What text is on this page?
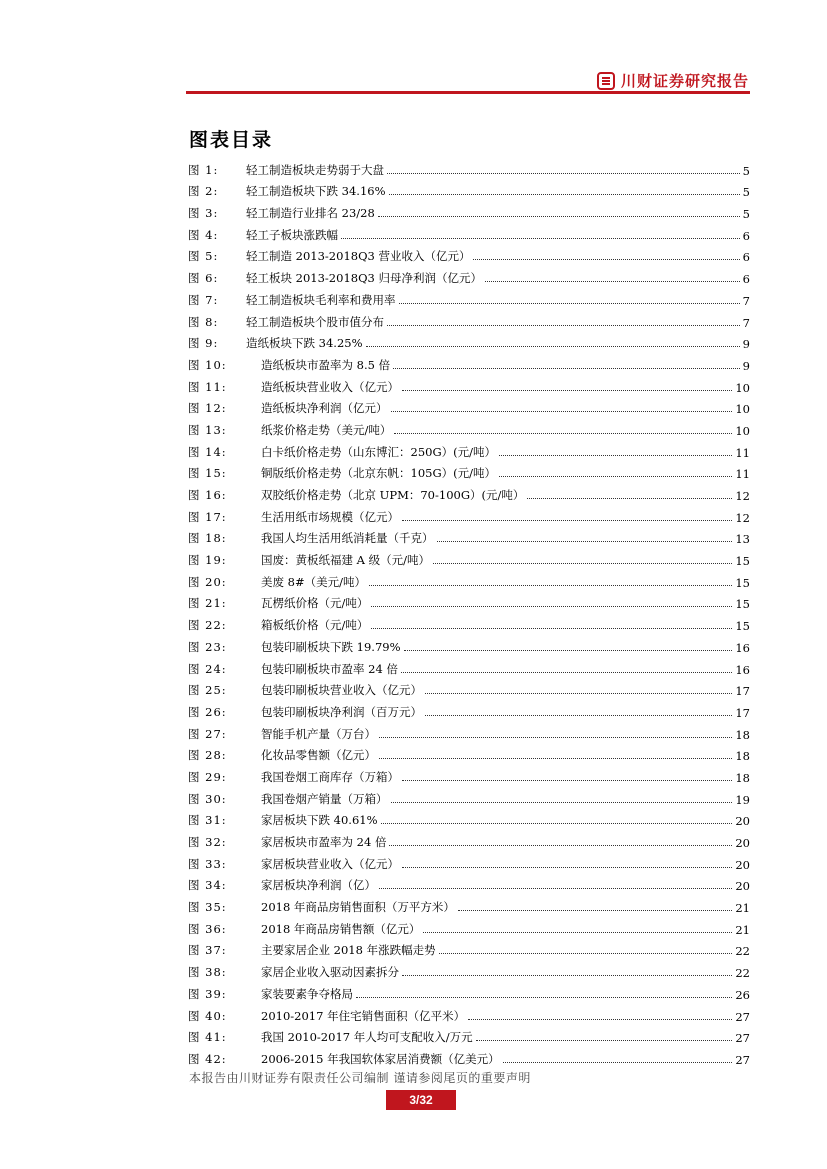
川财证券研究报告
图表目录
图 1:	轻工制造板块走势弱于大盘	5
图 2:	轻工制造板块下跌 34.16%	5
图 3:	轻工制造行业排名 23/28	5
图 4:	轻工子板块涨跌幅	6
图 5:	轻工制造 2013-2018Q3 营业收入（亿元）	6
图 6:	轻工板块 2013-2018Q3 归母净利润（亿元）	6
图 7:	轻工制造板块毛利率和费用率	7
图 8:	轻工制造板块个股市值分布	7
图 9:	造纸板块下跌 34.25%	9
图 10:	造纸板块市盈率为 8.5 倍	9
图 11:	造纸板块营业收入（亿元）	10
图 12:	造纸板块净利润（亿元）	10
图 13:	纸浆价格走势（美元/吨）	10
图 14:	白卡纸价格走势（山东博汇：250G）(元/吨）	11
图 15:	铜版纸价格走势（北京东帆：105G）(元/吨）	11
图 16:	双胶纸价格走势（北京 UPM：70-100G）(元/吨）	12
图 17:	生活用纸市场规模（亿元）	12
图 18:	我国人均生活用纸消耗量（千克）	13
图 19:	国废：黄板纸福建 A 级（元/吨）	15
图 20:	美废 8#（美元/吨）	15
图 21:	瓦楞纸价格（元/吨）	15
图 22:	箱板纸价格（元/吨）	15
图 23:	包装印刷板块下跌 19.79%	16
图 24:	包装印刷板块市盈率 24 倍	16
图 25:	包装印刷板块营业收入（亿元）	17
图 26:	包装印刷板块净利润（百万元）	17
图 27:	智能手机产量（万台）	18
图 28:	化妆品零售额（亿元）	18
图 29:	我国卷烟工商库存（万箱）	18
图 30:	我国卷烟产销量（万箱）	19
图 31:	家居板块下跌 40.61%	20
图 32:	家居板块市盈率为 24 倍	20
图 33:	家居板块营业收入（亿元）	20
图 34:	家居板块净利润（亿）	20
图 35:	2018 年商品房销售面积（万平方米）	21
图 36:	2018 年商品房销售额（亿元）	21
图 37:	主要家居企业 2018 年涨跌幅走势	22
图 38:	家居企业收入驱动因素拆分	22
图 39:	家装要素争夺格局	26
图 40:	2010-2017 年住宅销售面积（亿平米）	27
图 41:	我国 2010-2017 年人均可支配收入/万元	27
图 42:	2006-2015 年我国软体家居消费额（亿美元）	27
本报告由川财证券有限责任公司编制 谨请参阅尾页的重要声明
3/32
